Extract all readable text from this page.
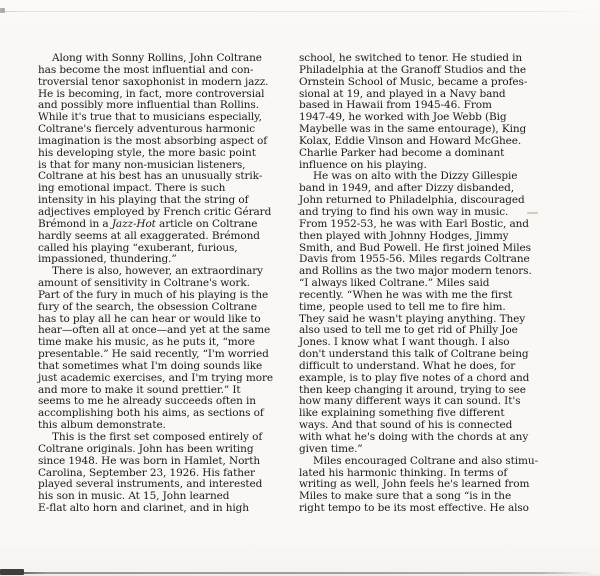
Along with Sonny Rollins, John Coltrane
has become the most influential and con-
troversial tenor saxophonist in modern jazz.
He is becoming, in fact, more controversial
and possibly more influential than Rollins.
While it's true that to musicians especially,
Coltrane's fiercely adventurous harmonic
imagination is the most absorbing aspect of
his developing style, the more basic point
is that for many non-musician listeners,
Coltrane at his best has an unusually strik-
ing emotional impact. There is such
intensity in his playing that the string of
adjectives employed by French critic Gérard
Brémond in a Jazz-Hot article on Coltrane
hardly seems at all exaggerated. Brémond
called his playing “exuberant, furious,
impassioned, thundering.”
There is also, however, an extraordinary
amount of sensitivity in Coltrane's work.
Part of the fury in much of his playing is the
fury of the search, the obsession Coltrane
has to play all he can hear or would like to
hear—often all at once—and yet at the same
time make his music, as he puts it, “more
presentable.” He said recently, “I'm worried
that sometimes what I'm doing sounds like
just academic exercises, and I'm trying more
and more to make it sound prettier.” It
seems to me he already succeeds often in
accomplishing both his aims, as sections of
this album demonstrate.
This is the first set composed entirely of
Coltrane originals. John has been writing
since 1948. He was born in Hamlet, North
Carolina, September 23, 1926. His father
played several instruments, and interested
his son in music. At 15, John learned
E-flat alto horn and clarinet, and in high
school, he switched to tenor. He studied in
Philadelphia at the Granoff Studios and the
Ornstein School of Music, became a profes-
sional at 19, and played in a Navy band
based in Hawaii from 1945-46. From
1947-49, he worked with Joe Webb (Big
Maybelle was in the same entourage), King
Kolax, Eddie Vinson and Howard McGhee.
Charlie Parker had become a dominant
influence on his playing.
He was on alto with the Dizzy Gillespie
band in 1949, and after Dizzy disbanded,
John returned to Philadelphia, discouraged
and trying to find his own way in music.
From 1952-53, he was with Earl Bostic, and
then played with Johnny Hodges, Jimmy
Smith, and Bud Powell. He first joined Miles
Davis from 1955-56. Miles regards Coltrane
and Rollins as the two major modern tenors.
“I always liked Coltrane.” Miles said
recently. “When he was with me the first
time, people used to tell me to fire him.
They said he wasn't playing anything. They
also used to tell me to get rid of Philly Joe
Jones. I know what I want though. I also
don't understand this talk of Coltrane being
difficult to understand. What he does, for
example, is to play five notes of a chord and
then keep changing it around, trying to see
how many different ways it can sound. It's
like explaining something five different
ways. And that sound of his is connected
with what he's doing with the chords at any
given time.”
Miles encouraged Coltrane and also stimu-
lated his harmonic thinking. In terms of
writing as well, John feels he's learned from
Miles to make sure that a song “is in the
right tempo to be its most effective. He also
